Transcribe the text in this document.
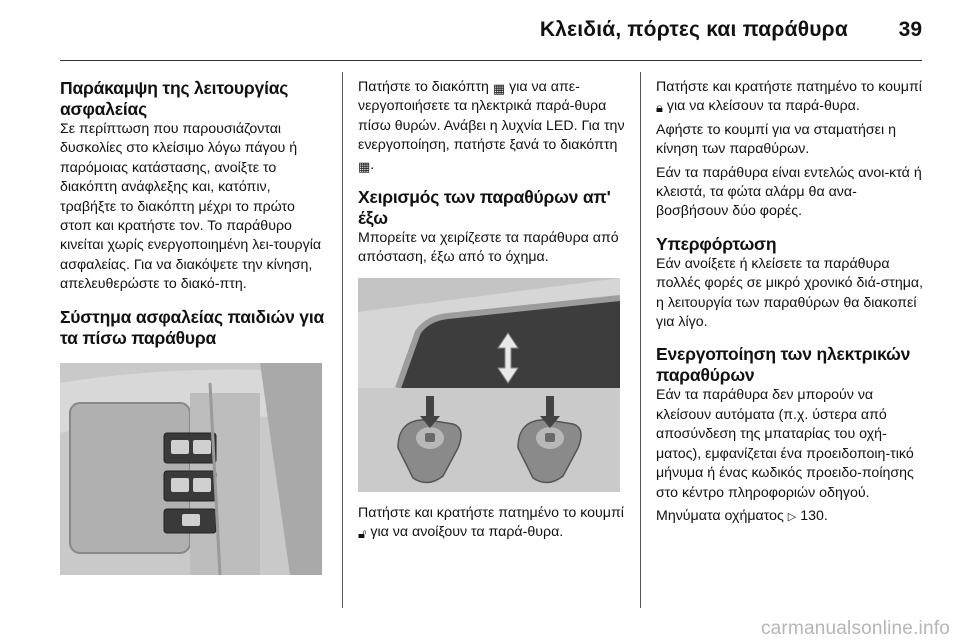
Κλειδιά, πόρτες και παράθυρα 39
Παράκαμψη της λειτουργίας ασφαλείας

Σε περίπτωση που παρουσιάζονται δυσκολίες στο κλείσιμο λόγω πάγου ή παρόμοιας κατάστασης, ανοίξτε το διακόπτη ανάφλεξης και, κατόπιν, τραβήξτε το διακόπτη μέχρι το πρώτο στοπ και κρατήστε τον. Το παράθυρο κινείται χωρίς ενεργοποιημένη λει-τουργία ασφαλείας. Για να διακόψετε την κίνηση, απελευθερώστε το διακό-πτη.

Σύστημα ασφαλείας παιδιών για τα πίσω παράθυρα

Πατήστε το διακόπτη ▦ για να απε-νεργοποιήσετε τα ηλεκτρικά παρά-θυρα πίσω θυρών. Ανάβει η λυχνία LED. Για την ενεργοποίηση, πατήστε ξανά το διακόπτη ▦.

Χειρισμός των παραθύρων απ' έξω

Μπορείτε να χειρίζεστε τα παράθυρα από απόσταση, έξω από το όχημα.

Πατήστε και κρατήστε πατημένο το κουμπί 🔓︎ για να ανοίξουν τα παρά-θυρα.

Πατήστε και κρατήστε πατημένο το κουμπί 🔒︎ για να κλείσουν τα παρά-θυρα.

Αφήστε το κουμπί για να σταματήσει η κίνηση των παραθύρων.

Εάν τα παράθυρα είναι εντελώς ανοι-κτά ή κλειστά, τα φώτα αλάρμ θα ανα-βοσβήσουν δύο φορές.

Υπερφόρτωση

Εάν ανοίξετε ή κλείσετε τα παράθυρα πολλές φορές σε μικρό χρονικό διά-στημα, η λειτουργία των παραθύρων θα διακοπεί για λίγο.

Ενεργοποίηση των ηλεκτρικών παραθύρων

Εάν τα παράθυρα δεν μπορούν να κλείσουν αυτόματα (π.χ. ύστερα από αποσύνδεση της μπαταρίας του οχή-ματος), εμφανίζεται ένα προειδοποιη-τικό μήνυμα ή ένας κωδικός προειδο-ποίησης στο κέντρο πληροφοριών οδηγού.

Μηνύματα οχήματος ▷ 130.

carmanualsonline.info
